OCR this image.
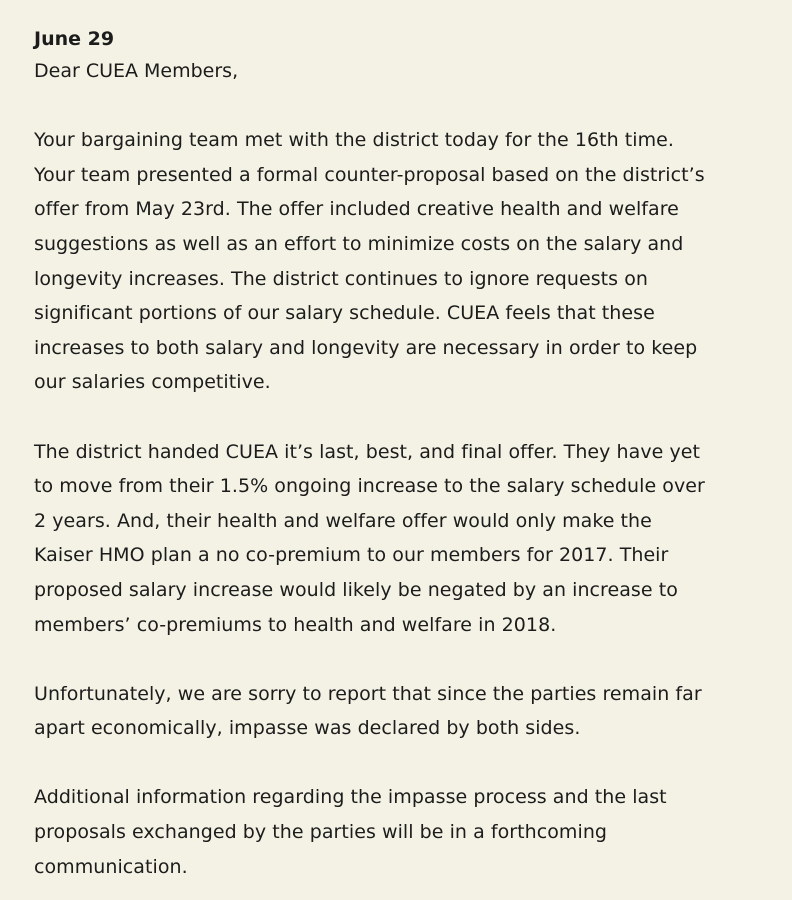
June 29

Dear CUEA Members,

Your bargaining team met with the district today for the 16th time.
Your team presented a formal counter-proposal based on the district’s
offer from May 23rd. The offer included creative health and welfare
suggestions as well as an effort to minimize costs on the salary and
longevity increases. The district continues to ignore requests on
significant portions of our salary schedule. CUEA feels that these
increases to both salary and longevity are necessary in order to keep
our salaries competitive.
The district handed CUEA it’s last, best, and final offer. They have yet
to move from their 1.5% ongoing increase to the salary schedule over
2 years. And, their health and welfare offer would only make the
Kaiser HMO plan a no co-premium to our members for 2017. Their
proposed salary increase would likely be negated by an increase to
members’ co-premiums to health and welfare in 2018.
Unfortunately, we are sorry to report that since the parties remain far
apart economically, impasse was declared by both sides.
Additional information regarding the impasse process and the last
proposals exchanged by the parties will be in a forthcoming
communication.
